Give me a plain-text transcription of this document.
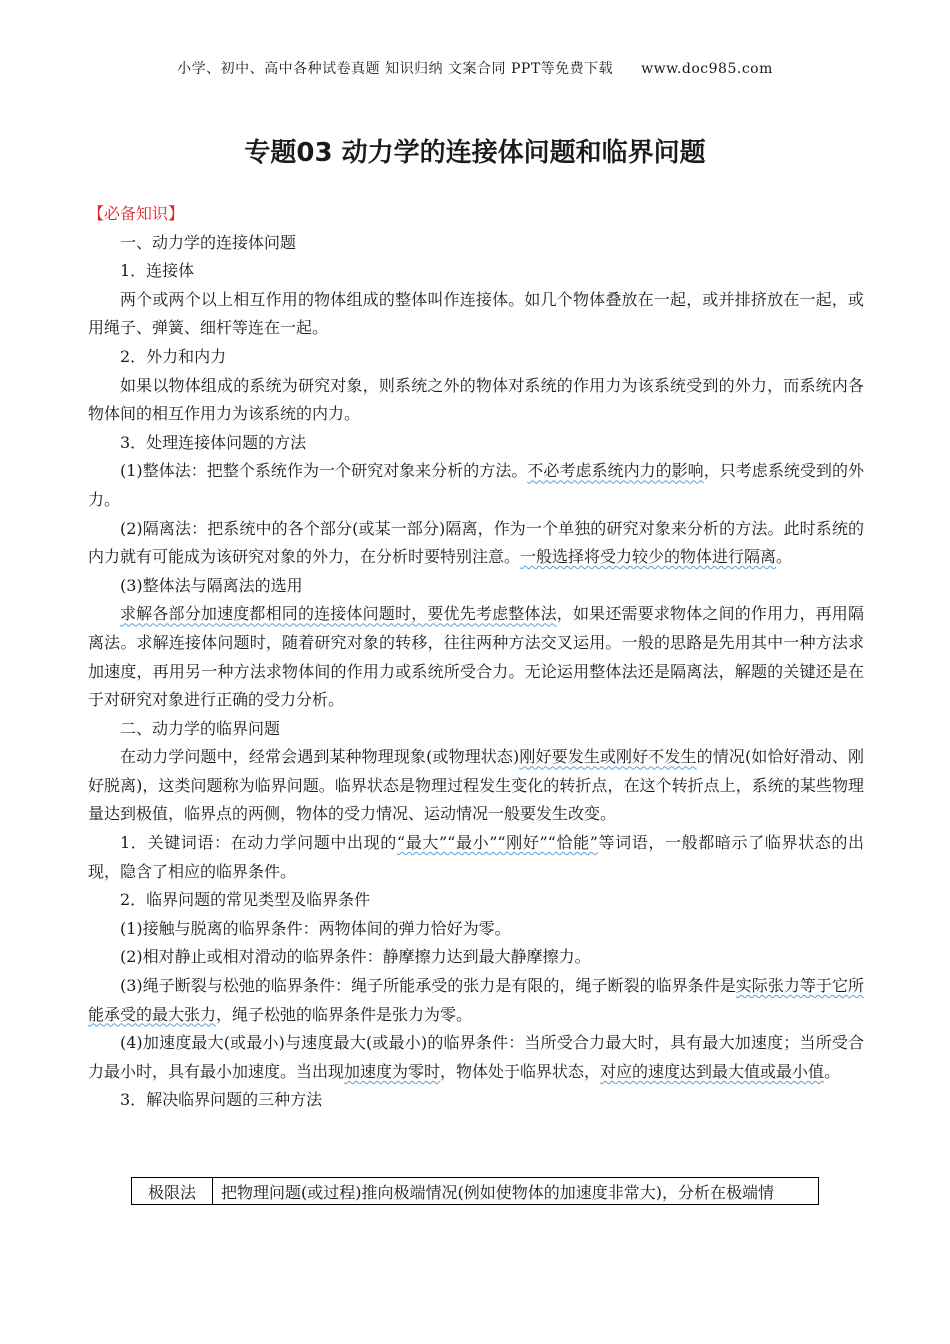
小学、初中、高中各种试卷真题 知识归纳 文案合同 PPT等免费下载 www.doc985.com
专题03 动力学的连接体问题和临界问题

【必备知识】

一、动力学的连接体问题

1．连接体

两个或两个以上相互作用的物体组成的整体叫作连接体。如几个物体叠放在一起，或并排挤放在一起，或用绳子、弹簧、细杆等连在一起。

2．外力和内力

如果以物体组成的系统为研究对象，则系统之外的物体对系统的作用力为该系统受到的外力，而系统内各物体间的相互作用力为该系统的内力。

3．处理连接体问题的方法

(1)整体法：把整个系统作为一个研究对象来分析的方法。不必考虑系统内力的影响，只考虑系统受到的外力。

(2)隔离法：把系统中的各个部分(或某一部分)隔离，作为一个单独的研究对象来分析的方法。此时系统的内力就有可能成为该研究对象的外力，在分析时要特别注意。一般选择将受力较少的物体进行隔离。

(3)整体法与隔离法的选用

求解各部分加速度都相同的连接体问题时，要优先考虑整体法，如果还需要求物体之间的作用力，再用隔离法。求解连接体问题时，随着研究对象的转移，往往两种方法交叉运用。一般的思路是先用其中一种方法求加速度，再用另一种方法求物体间的作用力或系统所受合力。无论运用整体法还是隔离法，解题的关键还是在于对研究对象进行正确的受力分析。

二、动力学的临界问题

在动力学问题中，经常会遇到某种物理现象(或物理状态)刚好要发生或刚好不发生的情况(如恰好滑动、刚好脱离)，这类问题称为临界问题。临界状态是物理过程发生变化的转折点，在这个转折点上，系统的某些物理量达到极值，临界点的两侧，物体的受力情况、运动情况一般要发生改变。

1．关键词语：在动力学问题中出现的“最大”“最小”“刚好”“恰能”等词语，一般都暗示了临界状态的出现，隐含了相应的临界条件。

2．临界问题的常见类型及临界条件

(1)接触与脱离的临界条件：两物体间的弹力恰好为零。

(2)相对静止或相对滑动的临界条件：静摩擦力达到最大静摩擦力。

(3)绳子断裂与松弛的临界条件：绳子所能承受的张力是有限的，绳子断裂的临界条件是实际张力等于它所能承受的最大张力，绳子松弛的临界条件是张力为零。

(4)加速度最大(或最小)与速度最大(或最小)的临界条件：当所受合力最大时，具有最大加速度；当所受合力最小时，具有最小加速度。当出现加速度为零时，物体处于临界状态，对应的速度达到最大值或最小值。

3．解决临界问题的三种方法

极限法	把物理问题(或过程)推向极端情况(例如使物体的加速度非常大)，分析在极端情
